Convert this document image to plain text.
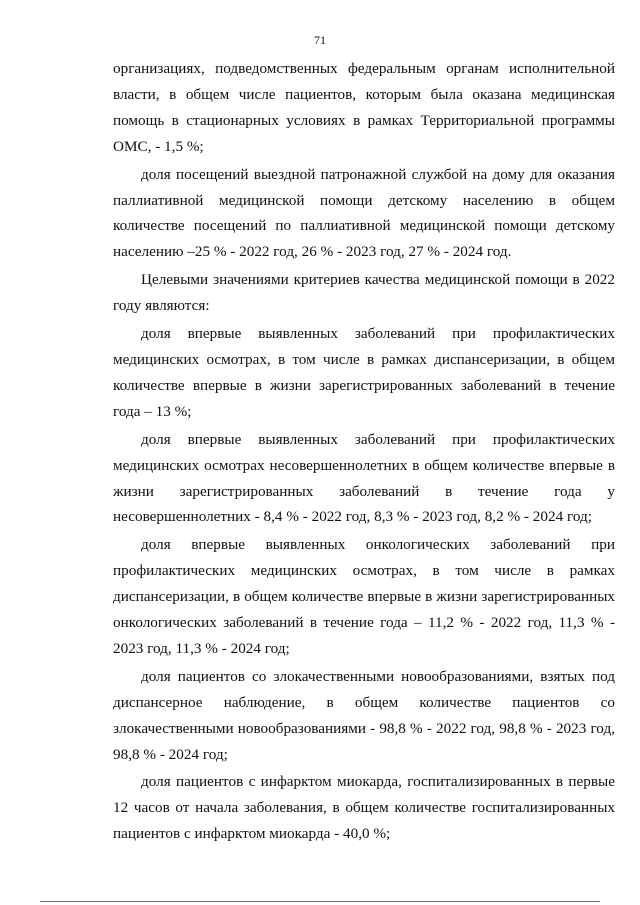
71

организациях, подведомственных федеральным органам исполнительной власти, в общем числе пациентов, которым была оказана медицинская помощь в стационарных условиях в рамках Территориальной программы ОМС, - 1,5 %;

доля посещений выездной патронажной службой на дому для оказания паллиативной медицинской помощи детскому населению в общем количестве посещений по паллиативной медицинской помощи детскому населению –25 % - 2022 год, 26 % - 2023 год, 27 % - 2024 год.

Целевыми значениями критериев качества медицинской помощи в 2022 году являются:

доля впервые выявленных заболеваний при профилактических медицинских осмотрах, в том числе в рамках диспансеризации, в общем количестве впервые в жизни зарегистрированных заболеваний в течение года – 13 %;

доля впервые выявленных заболеваний при профилактических медицинских осмотрах несовершеннолетних в общем количестве впервые в жизни зарегистрированных заболеваний в течение года у несовершеннолетних - 8,4 % - 2022 год, 8,3 % - 2023 год, 8,2 % - 2024 год;

доля впервые выявленных онкологических заболеваний при профилактических медицинских осмотрах, в том числе в рамках диспансеризации, в общем количестве впервые в жизни зарегистрированных онкологических заболеваний в течение года – 11,2 % - 2022 год, 11,3 % - 2023 год, 11,3 % - 2024 год;

доля пациентов со злокачественными новообразованиями, взятых под диспансерное наблюдение, в общем количестве пациентов со злокачественными новообразованиями - 98,8 % - 2022 год, 98,8 % - 2023 год, 98,8 % - 2024 год;

доля пациентов с инфарктом миокарда, госпитализированных в первые 12 часов от начала заболевания, в общем количестве госпитализированных пациентов с инфарктом миокарда - 40,0 %;
